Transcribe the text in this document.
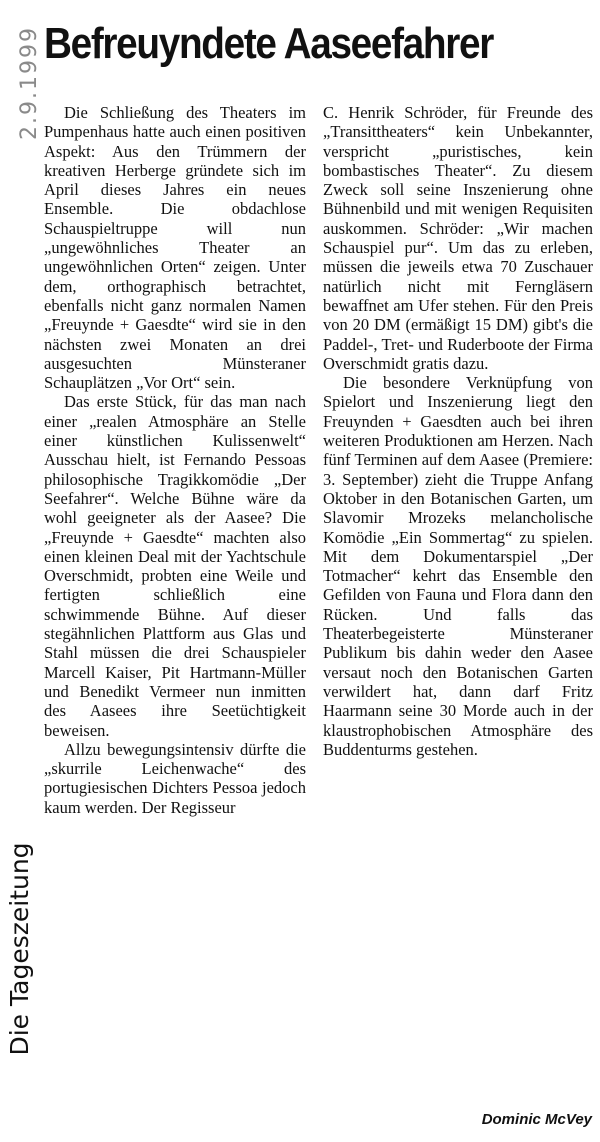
2.9.1999
Die Tageszeitung
Befreuyndete Aaseefahrer

Die Schließung des Theaters im Pumpenhaus hatte auch einen positiven Aspekt: Aus den Trümmern der kreativen Herberge gründete sich im April dieses Jahres ein neues Ensemble. Die obdachlose Schauspieltruppe will nun „ungewöhnliches Theater an ungewöhnlichen Orten“ zeigen. Unter dem, orthographisch betrachtet, ebenfalls nicht ganz normalen Namen „Freuynde + Gaesdte“ wird sie in den nächsten zwei Monaten an drei ausgesuchten Münsteraner Schauplätzen „Vor Ort“ sein.

Das erste Stück, für das man nach einer „realen Atmosphäre an Stelle einer künstlichen Kulissenwelt“ Ausschau hielt, ist Fernando Pessoas philosophische Tragikkomödie „Der Seefahrer“. Welche Bühne wäre da wohl geeigneter als der Aasee? Die „Freuynde + Gaesdte“ machten also einen kleinen Deal mit der Yachtschule Overschmidt, probten eine Weile und fertigten schließlich eine schwimmende Bühne. Auf dieser stegähnlichen Plattform aus Glas und Stahl müssen die drei Schauspieler Marcell Kaiser, Pit Hartmann-Müller und Benedikt Vermeer nun inmitten des Aasees ihre Seetüchtigkeit beweisen.

Allzu bewegungsintensiv dürfte die „skurrile Leichenwache“ des portugiesischen Dichters Pessoa jedoch kaum werden. Der Regisseur

C. Henrik Schröder, für Freunde des „Transittheaters“ kein Unbekannter, verspricht „puristisches, kein bombastisches Theater“. Zu diesem Zweck soll seine Inszenierung ohne Bühnenbild und mit wenigen Requisiten auskommen. Schröder: „Wir machen Schauspiel pur“. Um das zu erleben, müssen die jeweils etwa 70 Zuschauer natürlich nicht mit Ferngläsern bewaffnet am Ufer stehen. Für den Preis von 20 DM (ermäßigt 15 DM) gibt's die Paddel-, Tret- und Ruderboote der Firma Overschmidt gratis dazu.

Die besondere Verknüpfung von Spielort und Inszenierung liegt den Freuynden + Gaesdten auch bei ihren weiteren Produktionen am Herzen. Nach fünf Terminen auf dem Aasee (Premiere: 3. September) zieht die Truppe Anfang Oktober in den Botanischen Garten, um Slavomir Mrozeks melancholische Komödie „Ein Sommertag“ zu spielen. Mit dem Dokumentarspiel „Der Totmacher“ kehrt das Ensemble den Gefilden von Fauna und Flora dann den Rücken. Und falls das Theaterbegeisterte Münsteraner Publikum bis dahin weder den Aasee versaut noch den Botanischen Garten verwildert hat, dann darf Fritz Haarmann seine 30 Morde auch in der klaustrophobischen Atmosphäre des Buddenturms gestehen.

Dominic McVey
